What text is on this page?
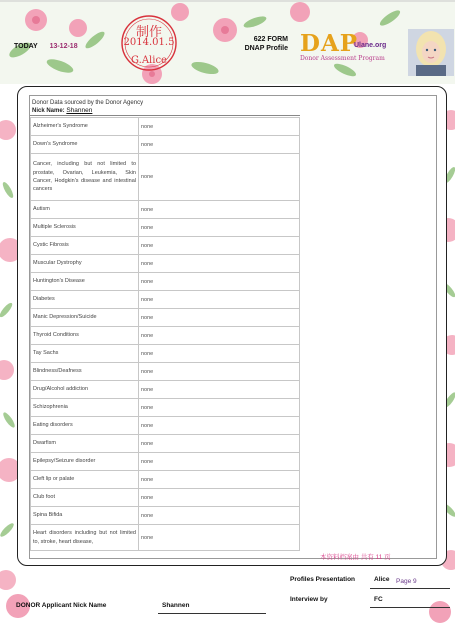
TODAY 13-12-18
制作
2014.01.5
G.Alice
622 FORM
DNAP Profile DAP
Ulane.org
Donor Assessment Program
Donor Data sourced by the Donor Agency
Nick Name: Shannen
Alzheimer's Syndrome	none
Down's Syndrome	none
Cancer, including but not limited to prostate, Ovarian, Leukemia, Skin Cancer, Hodgkin's disease and intestinal cancers	none
Autism	none
Multiple Sclerosis	none
Cystic Fibrosis	none
Muscular Dystrophy	none
Huntington's Disease	none
Diabetes	none
Manic Depression/Suicide	none
Thyroid Conditions	none
Tay Sachs	none
Blindness/Deafness	none
Drug/Alcohol addiction	none
Schizophrenia	none
Eating disorders	none
Dwarfism	none
Epilepsy/Seizure disorder	none
Cleft lip or palate	none
Club foot	none
Spina Bifida	none
Heart disorders including but not limited to, stroke, heart disease,	none
本资料档案由 共有 11 页
Profiles Presentation	Alice Page 9
Interview by	FC
DONOR Applicant Nick Name	Shannen
